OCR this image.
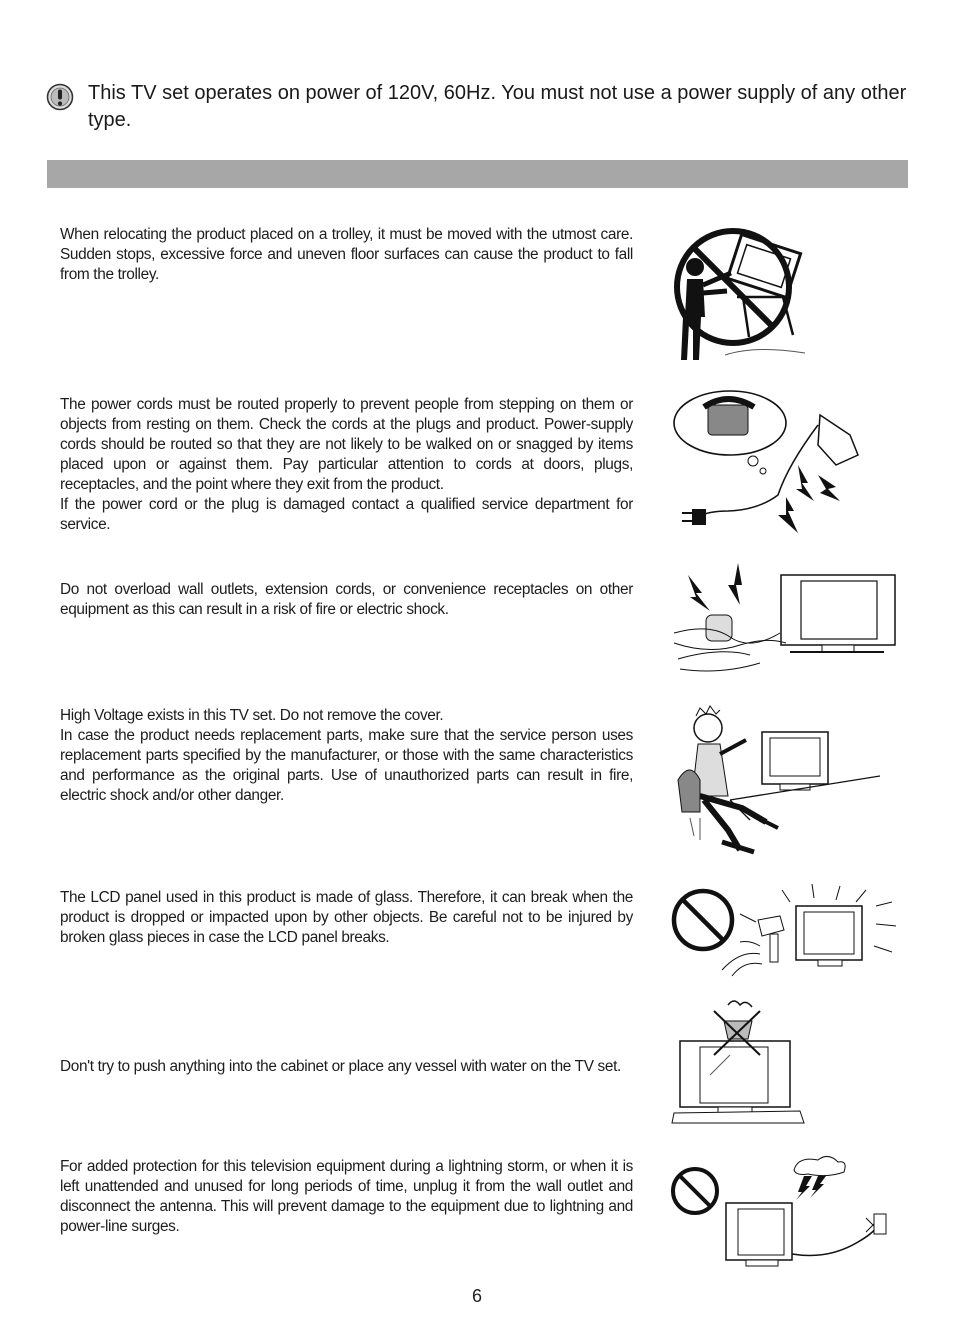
This TV set operates on power of 120V, 60Hz. You must not use a power supply of any other type.

When relocating the product placed on a trolley, it must be moved with the utmost care. Sudden stops, excessive force and uneven floor surfaces can cause the product to fall from the trolley.

The power cords must be routed properly to prevent people from stepping on them or objects from resting on them. Check the cords at the plugs and product. Power-supply cords should be routed so that they are not likely to be walked on or snagged by items placed upon or against them. Pay particular attention to cords at doors, plugs, receptacles, and the point where they exit from the product.

If the power cord or the plug is damaged contact a qualified service department for service.

Do not overload wall outlets, extension cords, or convenience receptacles on other equipment as this can result in a risk of fire or electric shock.

High Voltage exists in this TV set. Do not remove the cover.

In case the product needs replacement parts, make sure that the service person uses replacement parts specified by the manufacturer, or those with the same characteristics and performance as the original parts. Use of unauthorized parts can result in fire, electric shock and/or other danger.

The LCD panel used in this product is made of glass. Therefore, it can break when the product is dropped or impacted upon by other objects. Be careful not to be injured by broken glass pieces in case the LCD panel breaks.

Don't try to push anything into the cabinet or place any vessel with water on the TV set.

For added protection for this television equipment during a lightning storm, or when it is left unattended and unused for long periods of time, unplug it from the wall outlet and disconnect the antenna. This will prevent damage to the equipment due to lightning and power-line surges.

6
